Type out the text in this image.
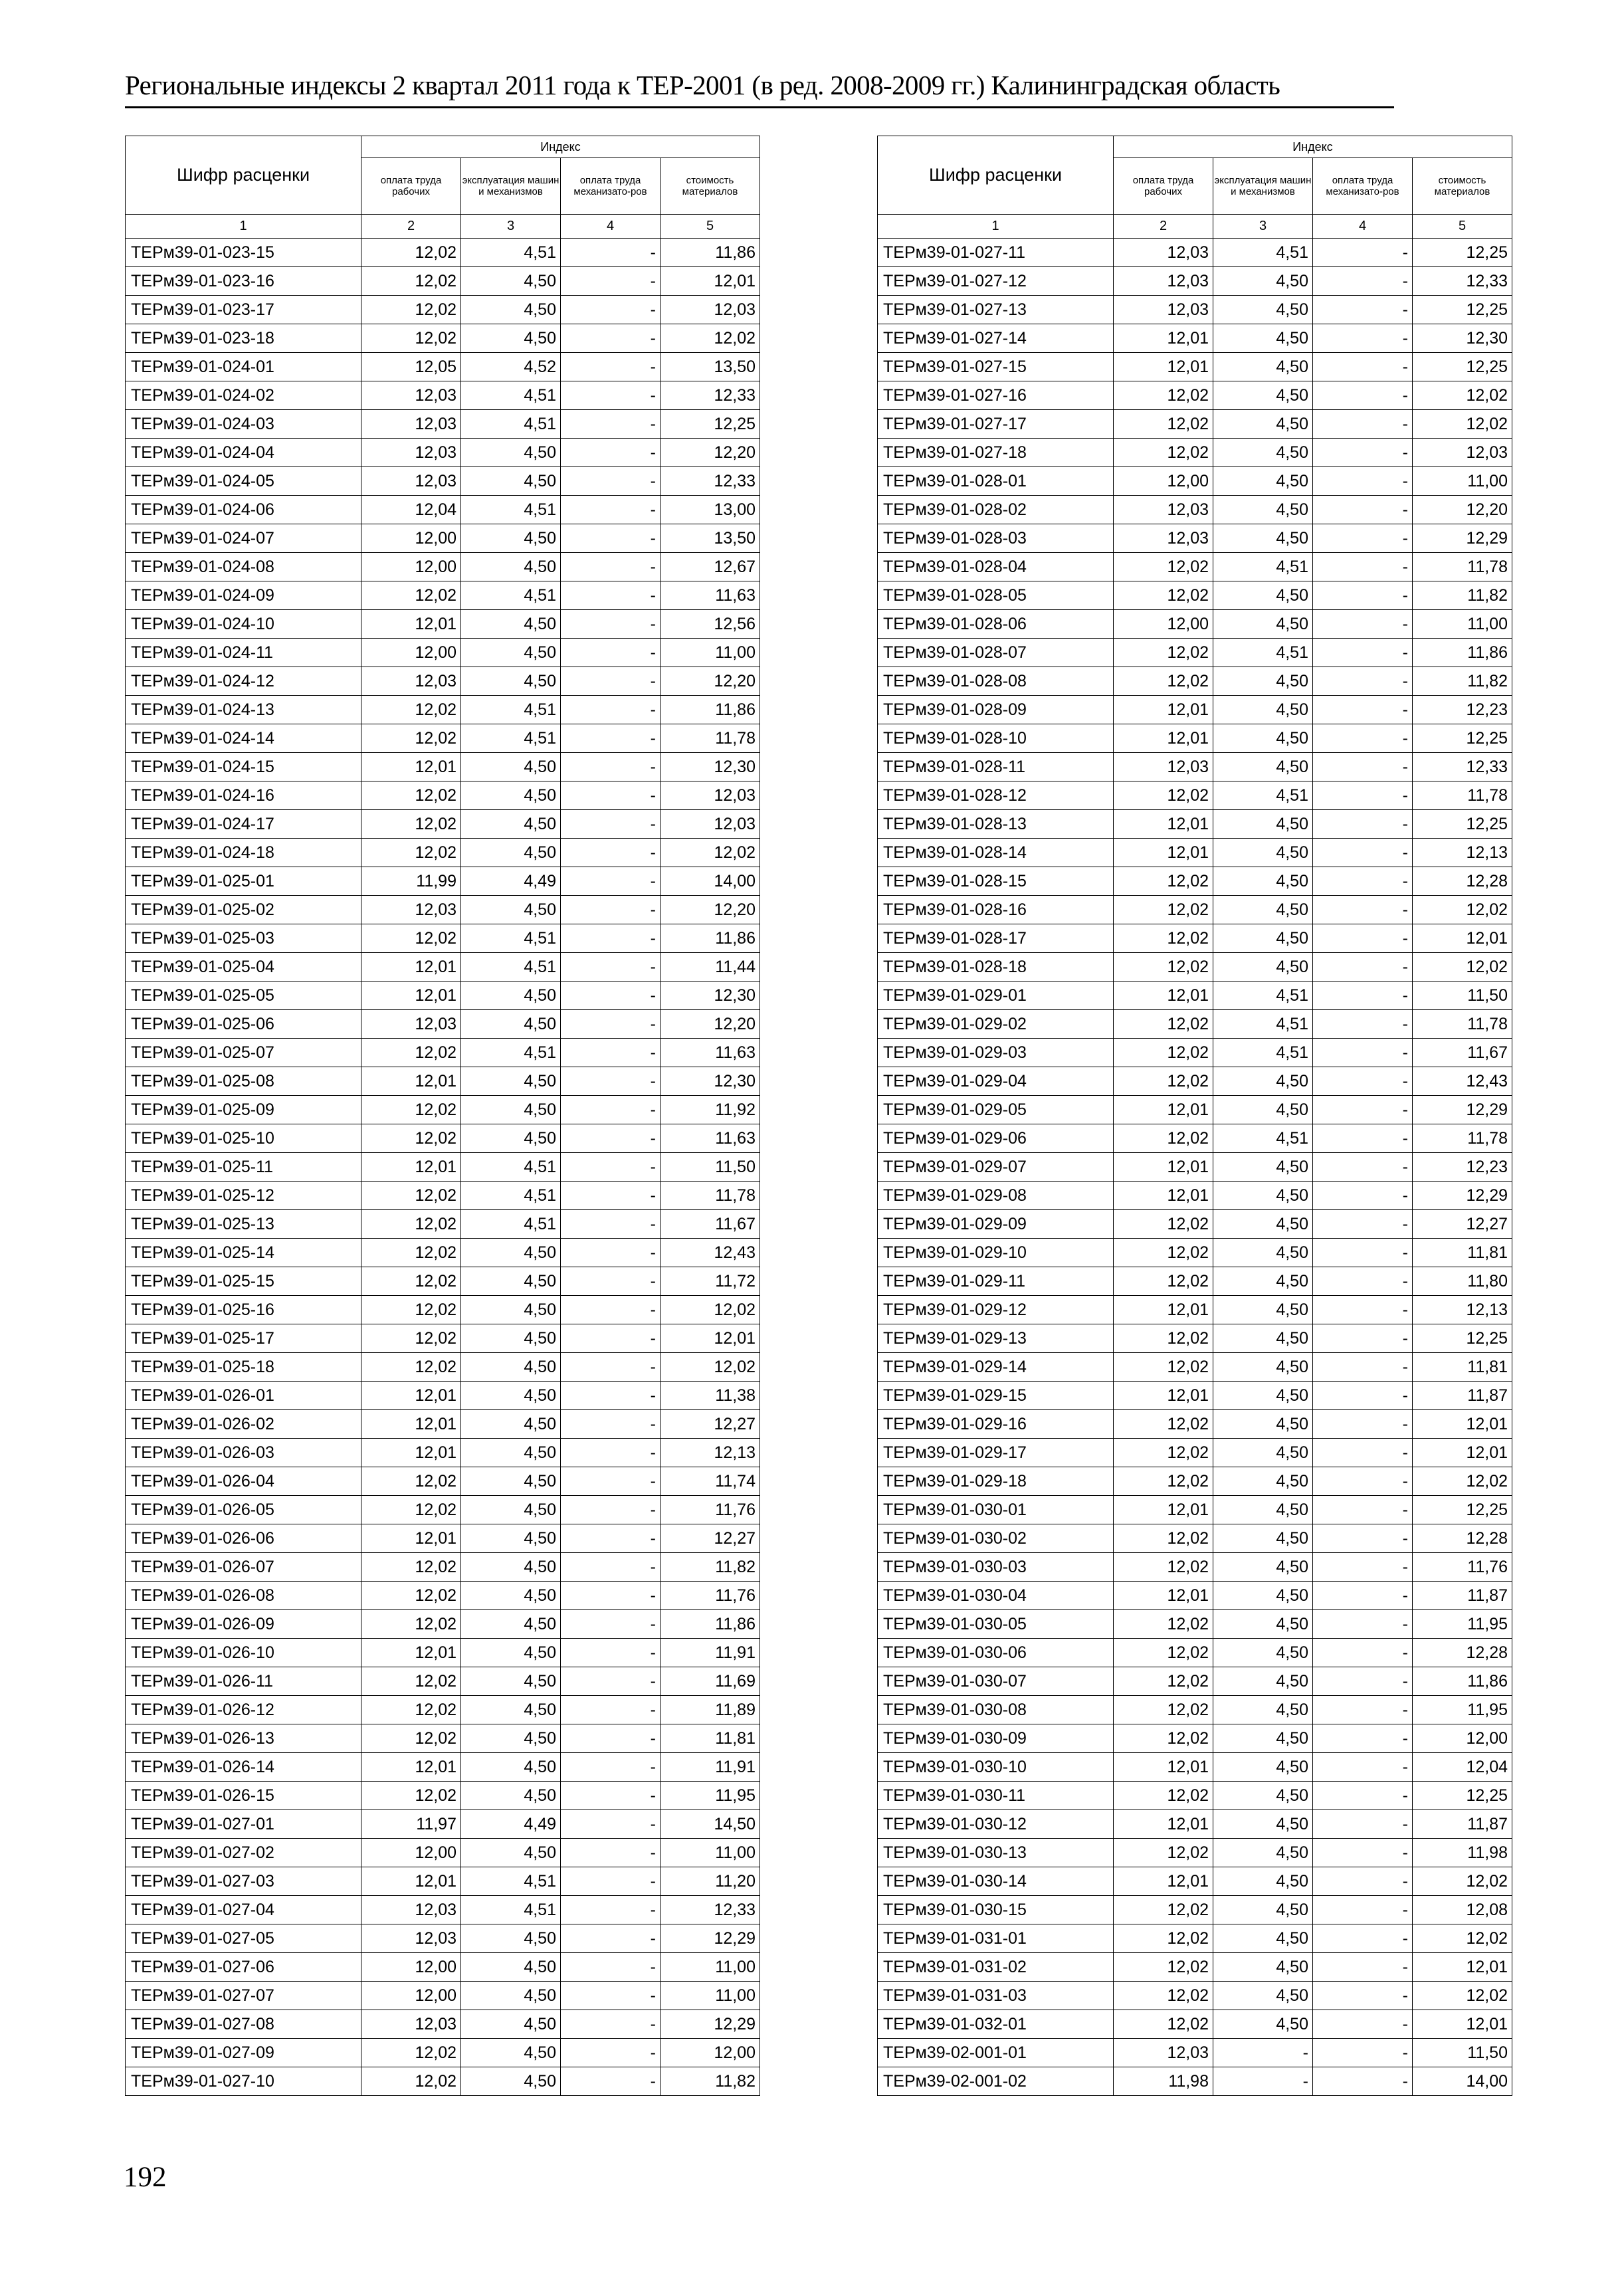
Региональные индексы 2 квартал 2011 года к ТЕР-2001 (в ред. 2008-2009 гг.) Калининградская область
Шифр расценки	Индекс			
	оплата труда рабочих	эксплуатация машин и механизмов	оплата труда механизато-ров	стоимость материалов
1	2	3	4	5
ТЕРм39-01-023-15	12,02	4,51	-	11,86
ТЕРм39-01-023-16	12,02	4,50	-	12,01
ТЕРм39-01-023-17	12,02	4,50	-	12,03
ТЕРм39-01-023-18	12,02	4,50	-	12,02
ТЕРм39-01-024-01	12,05	4,52	-	13,50
ТЕРм39-01-024-02	12,03	4,51	-	12,33
ТЕРм39-01-024-03	12,03	4,51	-	12,25
ТЕРм39-01-024-04	12,03	4,50	-	12,20
ТЕРм39-01-024-05	12,03	4,50	-	12,33
ТЕРм39-01-024-06	12,04	4,51	-	13,00
ТЕРм39-01-024-07	12,00	4,50	-	13,50
ТЕРм39-01-024-08	12,00	4,50	-	12,67
ТЕРм39-01-024-09	12,02	4,51	-	11,63
ТЕРм39-01-024-10	12,01	4,50	-	12,56
ТЕРм39-01-024-11	12,00	4,50	-	11,00
ТЕРм39-01-024-12	12,03	4,50	-	12,20
ТЕРм39-01-024-13	12,02	4,51	-	11,86
ТЕРм39-01-024-14	12,02	4,51	-	11,78
ТЕРм39-01-024-15	12,01	4,50	-	12,30
ТЕРм39-01-024-16	12,02	4,50	-	12,03
ТЕРм39-01-024-17	12,02	4,50	-	12,03
ТЕРм39-01-024-18	12,02	4,50	-	12,02
ТЕРм39-01-025-01	11,99	4,49	-	14,00
ТЕРм39-01-025-02	12,03	4,50	-	12,20
ТЕРм39-01-025-03	12,02	4,51	-	11,86
ТЕРм39-01-025-04	12,01	4,51	-	11,44
ТЕРм39-01-025-05	12,01	4,50	-	12,30
ТЕРм39-01-025-06	12,03	4,50	-	12,20
ТЕРм39-01-025-07	12,02	4,51	-	11,63
ТЕРм39-01-025-08	12,01	4,50	-	12,30
ТЕРм39-01-025-09	12,02	4,50	-	11,92
ТЕРм39-01-025-10	12,02	4,50	-	11,63
ТЕРм39-01-025-11	12,01	4,51	-	11,50
ТЕРм39-01-025-12	12,02	4,51	-	11,78
ТЕРм39-01-025-13	12,02	4,51	-	11,67
ТЕРм39-01-025-14	12,02	4,50	-	12,43
ТЕРм39-01-025-15	12,02	4,50	-	11,72
ТЕРм39-01-025-16	12,02	4,50	-	12,02
ТЕРм39-01-025-17	12,02	4,50	-	12,01
ТЕРм39-01-025-18	12,02	4,50	-	12,02
ТЕРм39-01-026-01	12,01	4,50	-	11,38
ТЕРм39-01-026-02	12,01	4,50	-	12,27
ТЕРм39-01-026-03	12,01	4,50	-	12,13
ТЕРм39-01-026-04	12,02	4,50	-	11,74
ТЕРм39-01-026-05	12,02	4,50	-	11,76
ТЕРм39-01-026-06	12,01	4,50	-	12,27
ТЕРм39-01-026-07	12,02	4,50	-	11,82
ТЕРм39-01-026-08	12,02	4,50	-	11,76
ТЕРм39-01-026-09	12,02	4,50	-	11,86
ТЕРм39-01-026-10	12,01	4,50	-	11,91
ТЕРм39-01-026-11	12,02	4,50	-	11,69
ТЕРм39-01-026-12	12,02	4,50	-	11,89
ТЕРм39-01-026-13	12,02	4,50	-	11,81
ТЕРм39-01-026-14	12,01	4,50	-	11,91
ТЕРм39-01-026-15	12,02	4,50	-	11,95
ТЕРм39-01-027-01	11,97	4,49	-	14,50
ТЕРм39-01-027-02	12,00	4,50	-	11,00
ТЕРм39-01-027-03	12,01	4,51	-	11,20
ТЕРм39-01-027-04	12,03	4,51	-	12,33
ТЕРм39-01-027-05	12,03	4,50	-	12,29
ТЕРм39-01-027-06	12,00	4,50	-	11,00
ТЕРм39-01-027-07	12,00	4,50	-	11,00
ТЕРм39-01-027-08	12,03	4,50	-	12,29
ТЕРм39-01-027-09	12,02	4,50	-	12,00
ТЕРм39-01-027-10	12,02	4,50	-	11,82
Шифр расценки	Индекс			
	оплата труда рабочих	эксплуатация машин и механизмов	оплата труда механизато-ров	стоимость материалов
1	2	3	4	5
ТЕРм39-01-027-11	12,03	4,51	-	12,25
ТЕРм39-01-027-12	12,03	4,50	-	12,33
ТЕРм39-01-027-13	12,03	4,50	-	12,25
ТЕРм39-01-027-14	12,01	4,50	-	12,30
ТЕРм39-01-027-15	12,01	4,50	-	12,25
ТЕРм39-01-027-16	12,02	4,50	-	12,02
ТЕРм39-01-027-17	12,02	4,50	-	12,02
ТЕРм39-01-027-18	12,02	4,50	-	12,03
ТЕРм39-01-028-01	12,00	4,50	-	11,00
ТЕРм39-01-028-02	12,03	4,50	-	12,20
ТЕРм39-01-028-03	12,03	4,50	-	12,29
ТЕРм39-01-028-04	12,02	4,51	-	11,78
ТЕРм39-01-028-05	12,02	4,50	-	11,82
ТЕРм39-01-028-06	12,00	4,50	-	11,00
ТЕРм39-01-028-07	12,02	4,51	-	11,86
ТЕРм39-01-028-08	12,02	4,50	-	11,82
ТЕРм39-01-028-09	12,01	4,50	-	12,23
ТЕРм39-01-028-10	12,01	4,50	-	12,25
ТЕРм39-01-028-11	12,03	4,50	-	12,33
ТЕРм39-01-028-12	12,02	4,51	-	11,78
ТЕРм39-01-028-13	12,01	4,50	-	12,25
ТЕРм39-01-028-14	12,01	4,50	-	12,13
ТЕРм39-01-028-15	12,02	4,50	-	12,28
ТЕРм39-01-028-16	12,02	4,50	-	12,02
ТЕРм39-01-028-17	12,02	4,50	-	12,01
ТЕРм39-01-028-18	12,02	4,50	-	12,02
ТЕРм39-01-029-01	12,01	4,51	-	11,50
ТЕРм39-01-029-02	12,02	4,51	-	11,78
ТЕРм39-01-029-03	12,02	4,51	-	11,67
ТЕРм39-01-029-04	12,02	4,50	-	12,43
ТЕРм39-01-029-05	12,01	4,50	-	12,29
ТЕРм39-01-029-06	12,02	4,51	-	11,78
ТЕРм39-01-029-07	12,01	4,50	-	12,23
ТЕРм39-01-029-08	12,01	4,50	-	12,29
ТЕРм39-01-029-09	12,02	4,50	-	12,27
ТЕРм39-01-029-10	12,02	4,50	-	11,81
ТЕРм39-01-029-11	12,02	4,50	-	11,80
ТЕРм39-01-029-12	12,01	4,50	-	12,13
ТЕРм39-01-029-13	12,02	4,50	-	12,25
ТЕРм39-01-029-14	12,02	4,50	-	11,81
ТЕРм39-01-029-15	12,01	4,50	-	11,87
ТЕРм39-01-029-16	12,02	4,50	-	12,01
ТЕРм39-01-029-17	12,02	4,50	-	12,01
ТЕРм39-01-029-18	12,02	4,50	-	12,02
ТЕРм39-01-030-01	12,01	4,50	-	12,25
ТЕРм39-01-030-02	12,02	4,50	-	12,28
ТЕРм39-01-030-03	12,02	4,50	-	11,76
ТЕРм39-01-030-04	12,01	4,50	-	11,87
ТЕРм39-01-030-05	12,02	4,50	-	11,95
ТЕРм39-01-030-06	12,02	4,50	-	12,28
ТЕРм39-01-030-07	12,02	4,50	-	11,86
ТЕРм39-01-030-08	12,02	4,50	-	11,95
ТЕРм39-01-030-09	12,02	4,50	-	12,00
ТЕРм39-01-030-10	12,01	4,50	-	12,04
ТЕРм39-01-030-11	12,02	4,50	-	12,25
ТЕРм39-01-030-12	12,01	4,50	-	11,87
ТЕРм39-01-030-13	12,02	4,50	-	11,98
ТЕРм39-01-030-14	12,01	4,50	-	12,02
ТЕРм39-01-030-15	12,02	4,50	-	12,08
ТЕРм39-01-031-01	12,02	4,50	-	12,02
ТЕРм39-01-031-02	12,02	4,50	-	12,01
ТЕРм39-01-031-03	12,02	4,50	-	12,02
ТЕРм39-01-032-01	12,02	4,50	-	12,01
ТЕРм39-02-001-01	12,03	-	-	11,50
ТЕРм39-02-001-02	11,98	-	-	14,00
192
